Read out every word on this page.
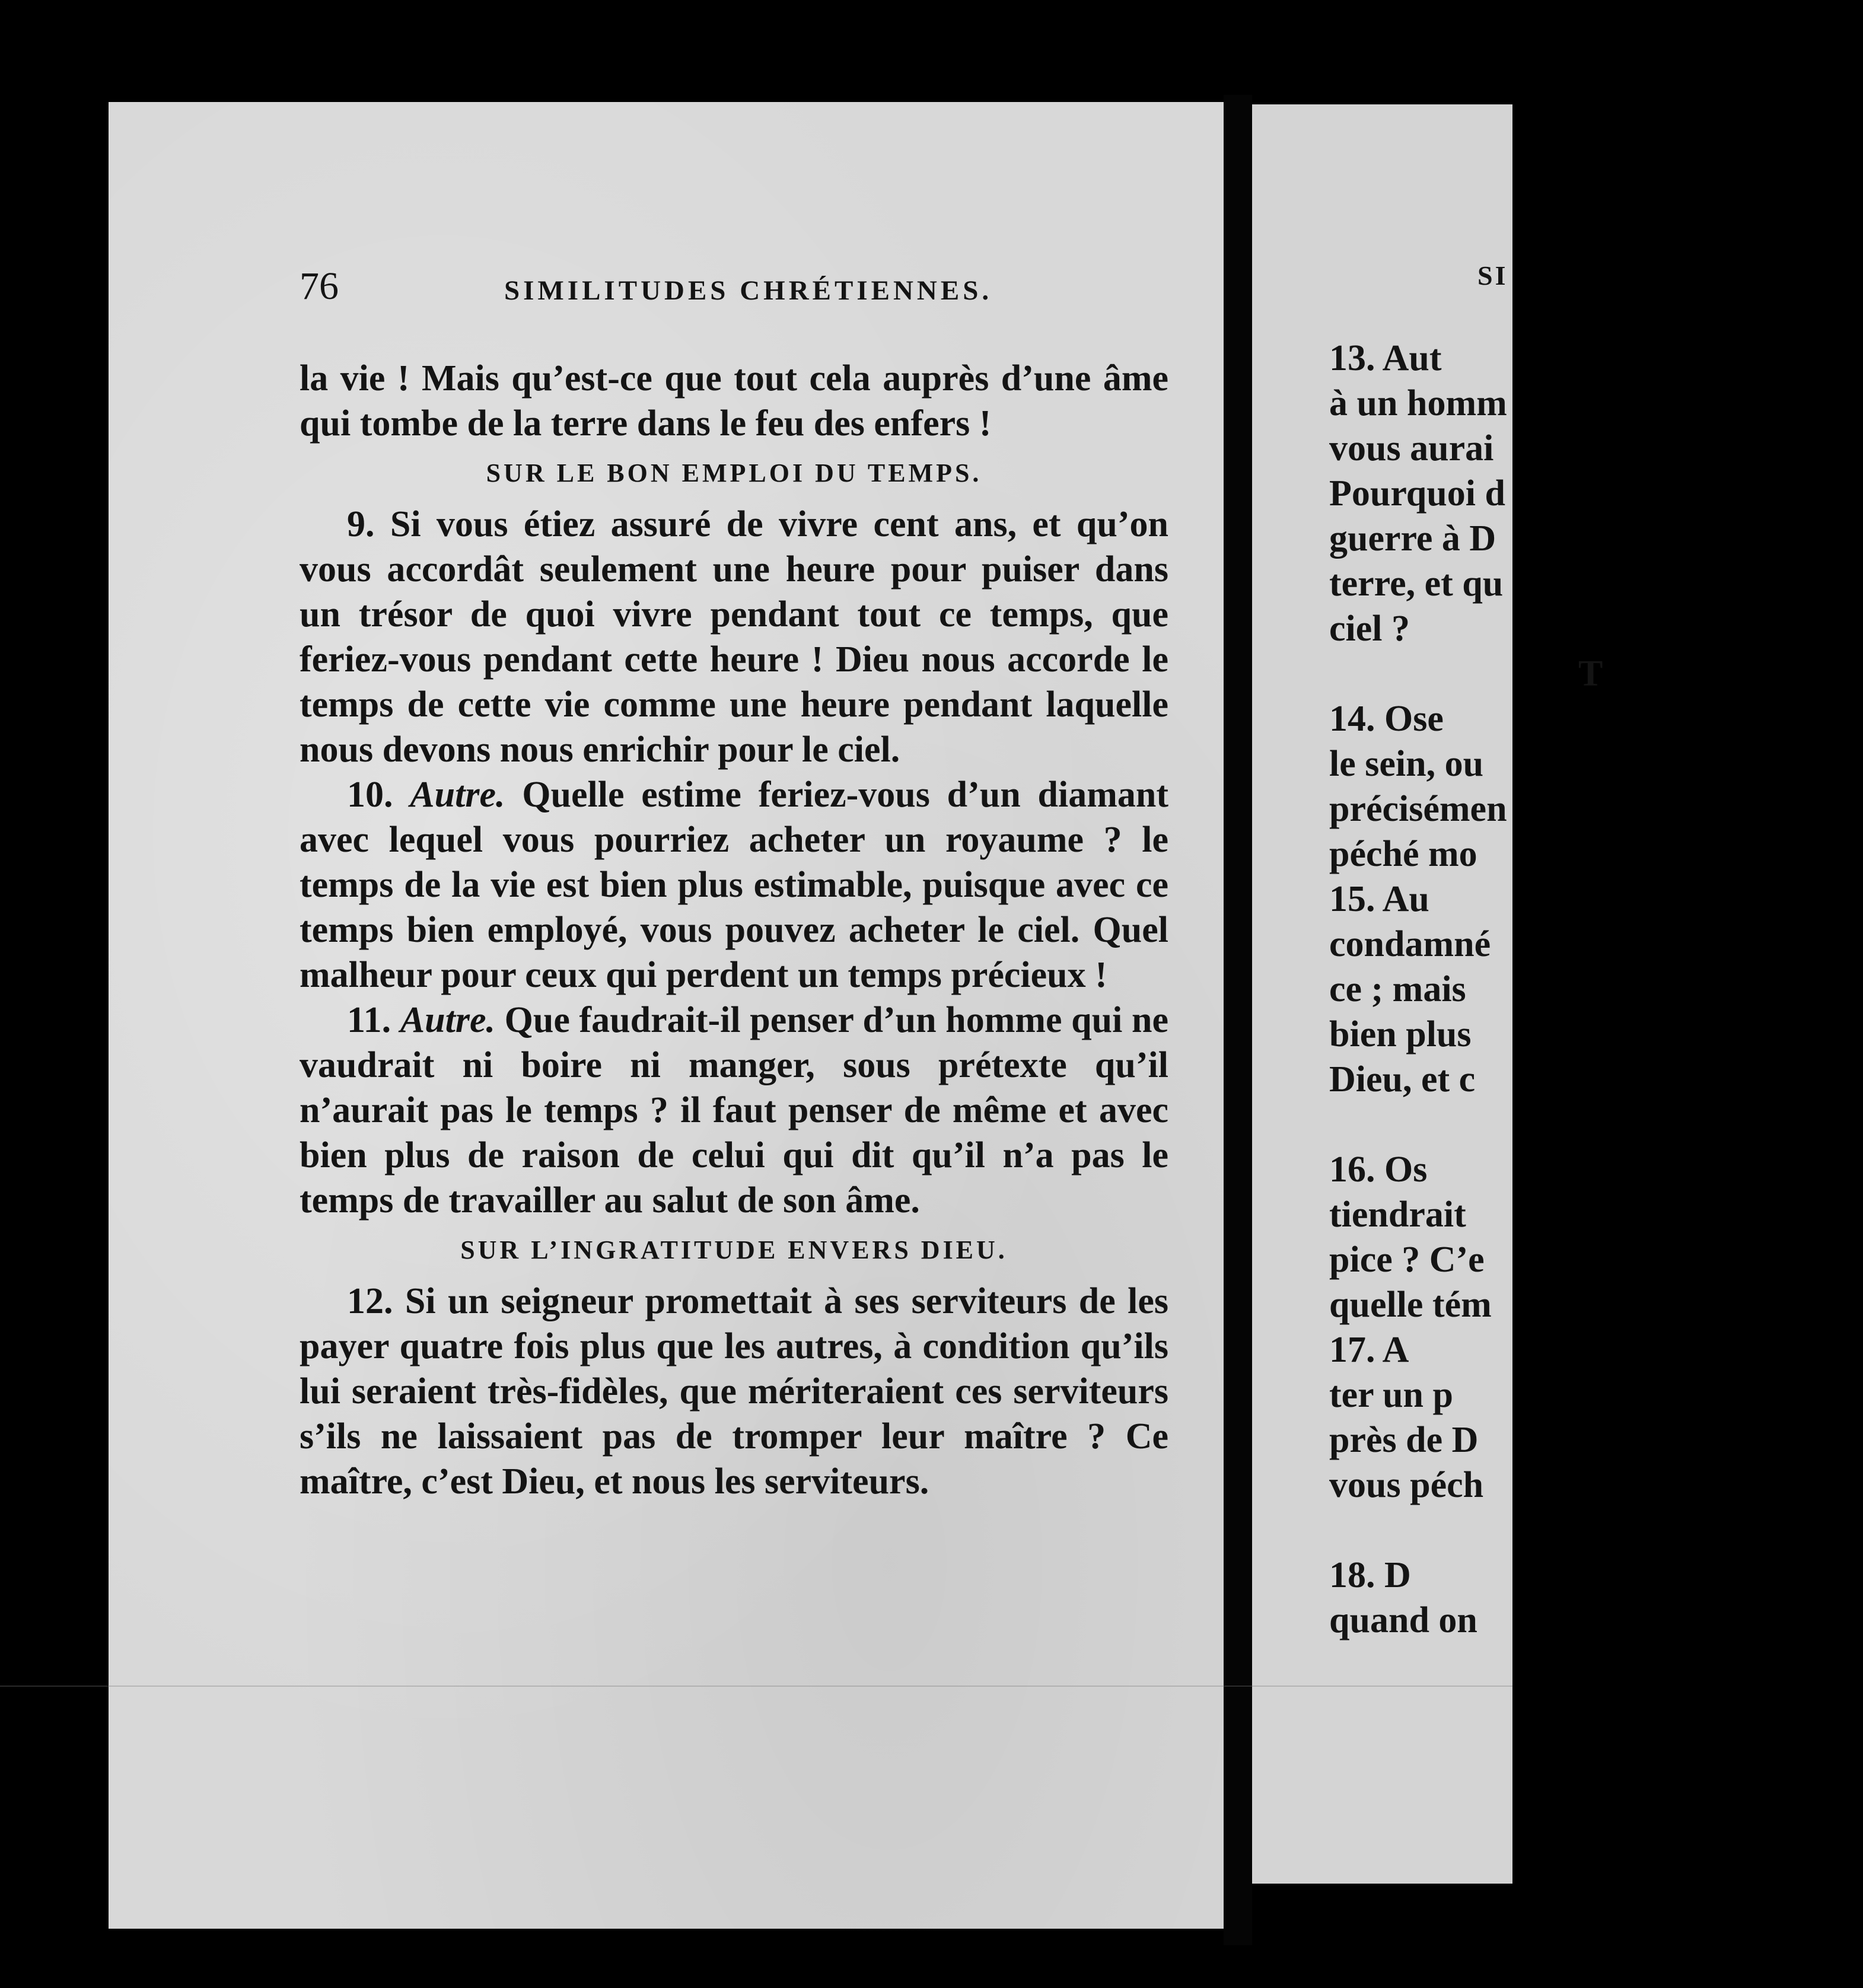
SI
13. Aut
à un homm
vous aurai
Pourquoi d
guerre à D
terre, et qu
ciel ?
T
14. Ose
le sein, ou
précisémen
péché mo
15. Au
condamné
ce ; mais
bien plus
Dieu, et c
16. Os
tiendrait
pice ? C’e
quelle tém
17. A
ter un p
près de D
vous péch
18. D
quand on
76	SIMILITUDES CHRÉTIENNES.

la vie ! Mais qu’est-ce que tout cela auprès d’une âme qui tombe de la terre dans le feu des enfers !

SUR LE BON EMPLOI DU TEMPS.

9. Si vous étiez assuré de vivre cent ans, et qu’on vous accordât seulement une heure pour puiser dans un trésor de quoi vivre pendant tout ce temps, que feriez-vous pendant cette heure ! Dieu nous accorde le temps de cette vie comme une heure pendant laquelle nous devons nous enrichir pour le ciel.

10. Autre. Quelle estime feriez-vous d’un diamant avec lequel vous pourriez acheter un royaume ? le temps de la vie est bien plus estimable, puisque avec ce temps bien employé, vous pouvez acheter le ciel. Quel malheur pour ceux qui perdent un temps précieux !

11. Autre. Que faudrait-il penser d’un homme qui ne vaudrait ni boire ni manger, sous prétexte qu’il n’aurait pas le temps ? il faut penser de même et avec bien plus de raison de celui qui dit qu’il n’a pas le temps de travailler au salut de son âme.

SUR L’INGRATITUDE ENVERS DIEU.

12. Si un seigneur promettait à ses serviteurs de les payer quatre fois plus que les autres, à condition qu’ils lui seraient très-fidèles, que mériteraient ces serviteurs s’ils ne laissaient pas de tromper leur maître ? Ce maître, c’est Dieu, et nous les serviteurs.
